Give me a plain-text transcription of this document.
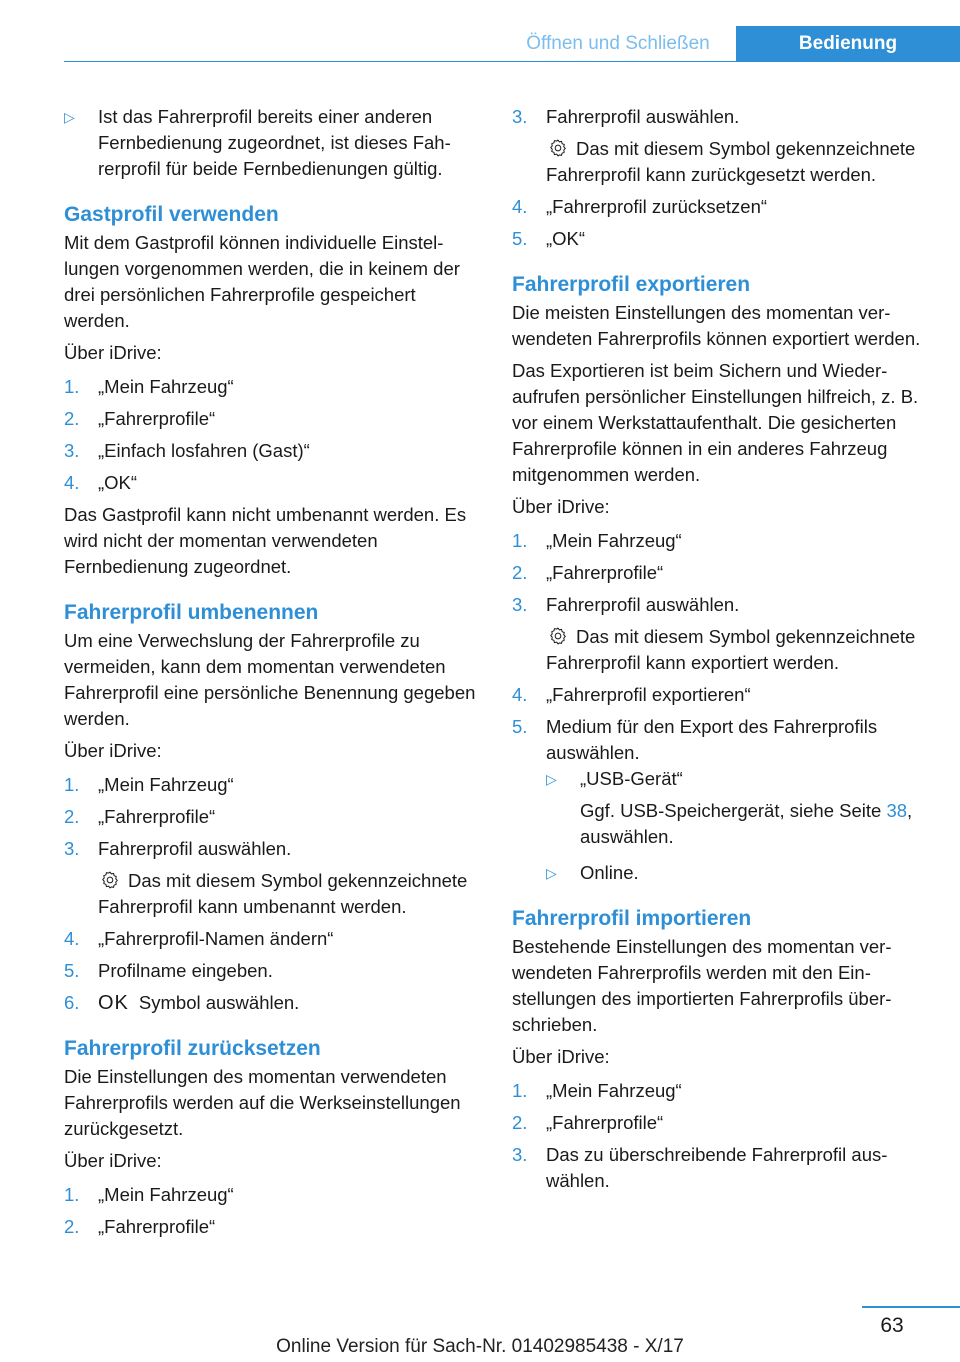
Öffnen und Schließen	Bedienung
▷ Ist das Fahrerprofil bereits einer anderen Fernbedienung zugeordnet, ist dieses Fahrerprofil für beide Fernbedienungen gültig.
Gastprofil verwenden

Mit dem Gastprofil können individuelle Einstellungen vorgenommen werden, die in keinem der drei persönlichen Fahrerprofile gespeichert werden.

Über iDrive:

1. „Mein Fahrzeug“
2. „Fahrerprofile“
3. „Einfach losfahren (Gast)“
4. „OK“

Das Gastprofil kann nicht umbenannt werden. Es wird nicht der momentan verwendeten Fernbedienung zugeordnet.

Fahrerprofil umbenennen

Um eine Verwechslung der Fahrerprofile zu vermeiden, kann dem momentan verwendeten Fahrerprofil eine persönliche Benennung gegeben werden.

Über iDrive:

1. „Mein Fahrzeug“
2. „Fahrerprofile“
3. Fahrerprofil auswählen.
Das mit diesem Symbol gekennzeichnete Fahrerprofil kann umbenannt werden.
4. „Fahrerprofil-Namen ändern“
5. Profilname eingeben.
6. OK Symbol auswählen.
Fahrerprofil zurücksetzen

Die Einstellungen des momentan verwendeten Fahrerprofils werden auf die Werkseinstellungen zurückgesetzt.

Über iDrive:

1. „Mein Fahrzeug“
2. „Fahrerprofile“
3. Fahrerprofil auswählen.
Das mit diesem Symbol gekennzeichnete Fahrerprofil kann zurückgesetzt werden.
4. „Fahrerprofil zurücksetzen“
5. „OK“
Fahrerprofil exportieren

Die meisten Einstellungen des momentan verwendeten Fahrerprofils können exportiert werden.

Das Exportieren ist beim Sichern und Wiederaufrufen persönlicher Einstellungen hilfreich, z. B. vor einem Werkstattaufenthalt. Die gesicherten Fahrerprofile können in ein anderes Fahrzeug mitgenommen werden.

Über iDrive:

1. „Mein Fahrzeug“
2. „Fahrerprofile“
3. Fahrerprofil auswählen.
Das mit diesem Symbol gekennzeichnete Fahrerprofil kann exportiert werden.
4. „Fahrerprofil exportieren“
5. Medium für den Export des Fahrerprofils auswählen.
▷ „USB-Gerät“
Ggf. USB-Speichergerät, siehe Seite 38, auswählen.
▷ Online.
Fahrerprofil importieren

Bestehende Einstellungen des momentan verwendeten Fahrerprofils werden mit den Einstellungen des importierten Fahrerprofils überschrieben.

Über iDrive:

1. „Mein Fahrzeug“
2. „Fahrerprofile“
3. Das zu überschreibende Fahrerprofil auswählen.
63
Online Version für Sach-Nr. 01402985438 - X/17
